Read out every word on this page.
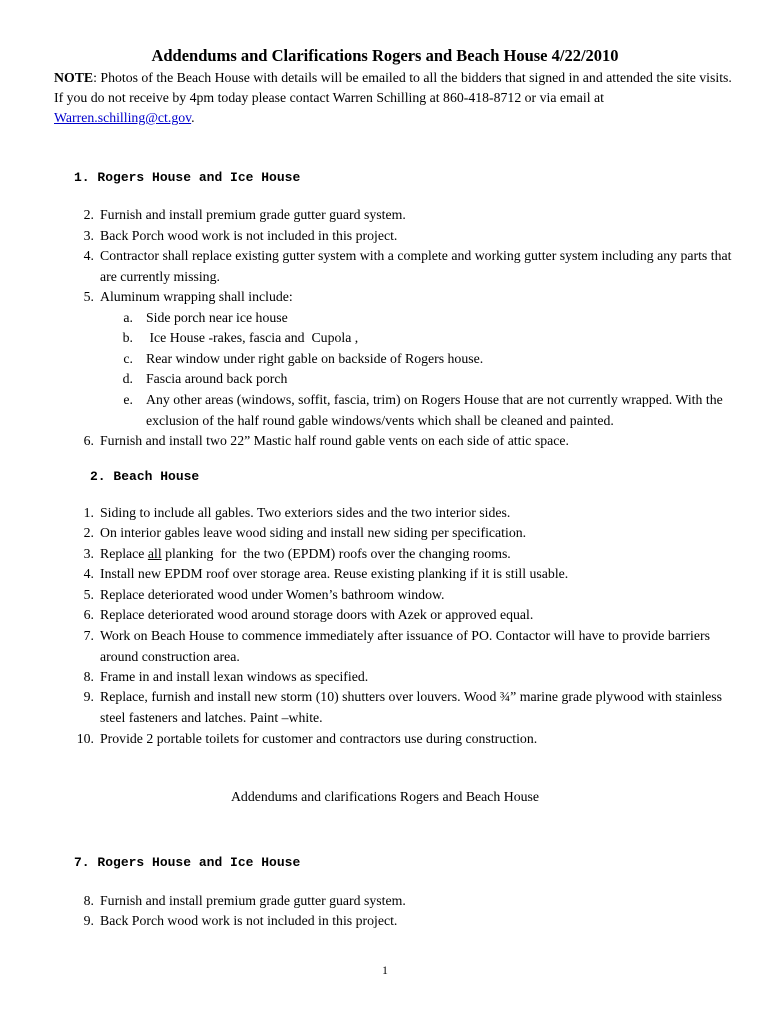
Addendums and Clarifications Rogers and Beach House 4/22/2010
NOTE: Photos of the Beach House with details will be emailed to all the bidders that signed in and attended the site visits. If you do not receive by 4pm today please contact Warren Schilling at 860-418-8712 or via email at Warren.schilling@ct.gov.
1. Rogers House and Ice House
2. Furnish and install premium grade gutter guard system.
3. Back Porch wood work is not included in this project.
4. Contractor shall replace existing gutter system with a complete and working gutter system including any parts that are currently missing.
5. Aluminum wrapping shall include:
a. Side porch near ice house
b. Ice House -rakes, fascia and  Cupola ,
c. Rear window under right gable on backside of Rogers house.
d. Fascia around back porch
e. Any other areas (windows, soffit, fascia, trim) on Rogers House that are not currently wrapped. With the exclusion of the half round gable windows/vents which shall be cleaned and painted.
6. Furnish and install two 22” Mastic half round gable vents on each side of attic space.
2. Beach House
1. Siding to include all gables. Two exteriors sides and the two interior sides.
2. On interior gables leave wood siding and install new siding per specification.
3. Replace all planking  for  the two (EPDM) roofs over the changing rooms.
4. Install new EPDM roof over storage area. Reuse existing planking if it is still usable.
5. Replace deteriorated wood under Women’s bathroom window.
6. Replace deteriorated wood around storage doors with Azek or approved equal.
7. Work on Beach House to commence immediately after issuance of PO. Contactor will have to provide barriers around construction area.
8. Frame in and install lexan windows as specified.
9. Replace, furnish and install new storm (10) shutters over louvers. Wood ¾” marine grade plywood with stainless steel fasteners and latches. Paint –white.
10. Provide 2 portable toilets for customer and contractors use during construction.
Addendums and clarifications Rogers and Beach House
7. Rogers House and Ice House
8. Furnish and install premium grade gutter guard system.
9. Back Porch wood work is not included in this project.
1
